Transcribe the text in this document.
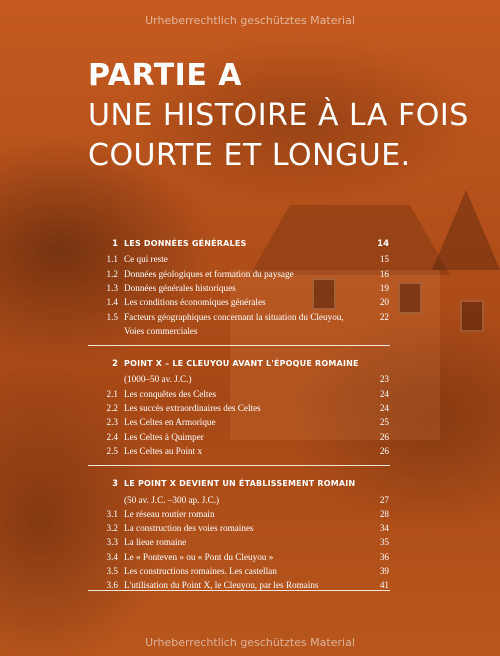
Urheberrechtlich geschütztes Material
PARTIE A
UNE HISTOIRE À LA FOIS
COURTE ET LONGUE.
1 LES DONNÉES GÉNÉRALES	14
1.1 Ce qui reste	15
1.2 Données géologiques et formation du paysage	16
1.3 Données générales historiques	19
1.4 Les conditions économiques générales	20
1.5 Facteurs géographiques concernant la situation du Cleuyou,	22
Voies commerciales
2 POINT X – LE CLEUYOU AVANT L'ÉPOQUE ROMAINE
(1000–50 av. J.C.)	23
2.1 Les conquêtes des Celtes	24
2.2 Les succès extraordinaires des Celtes	24
2.3 Les Celtes en Armorique	25
2.4 Les Celtes à Quimper	26
2.5 Les Celtes au Point x	26
3 LE POINT X DEVIENT UN ÉTABLISSEMENT ROMAIN
(50 av. J.C. –300 ap. J.C.)	27
3.1 Le réseau routier romain	28
3.2 La construction des voies romaines	34
3.3 La lieue romaine	35
3.4 Le « Ponteven » ou « Pont du Cleuyou »	36
3.5 Les constructions romaines. Les castellan	39
3.6 L'utilisation du Point X, le Cleuyou, par les Romains	41
Urheberrechtlich geschütztes Material
